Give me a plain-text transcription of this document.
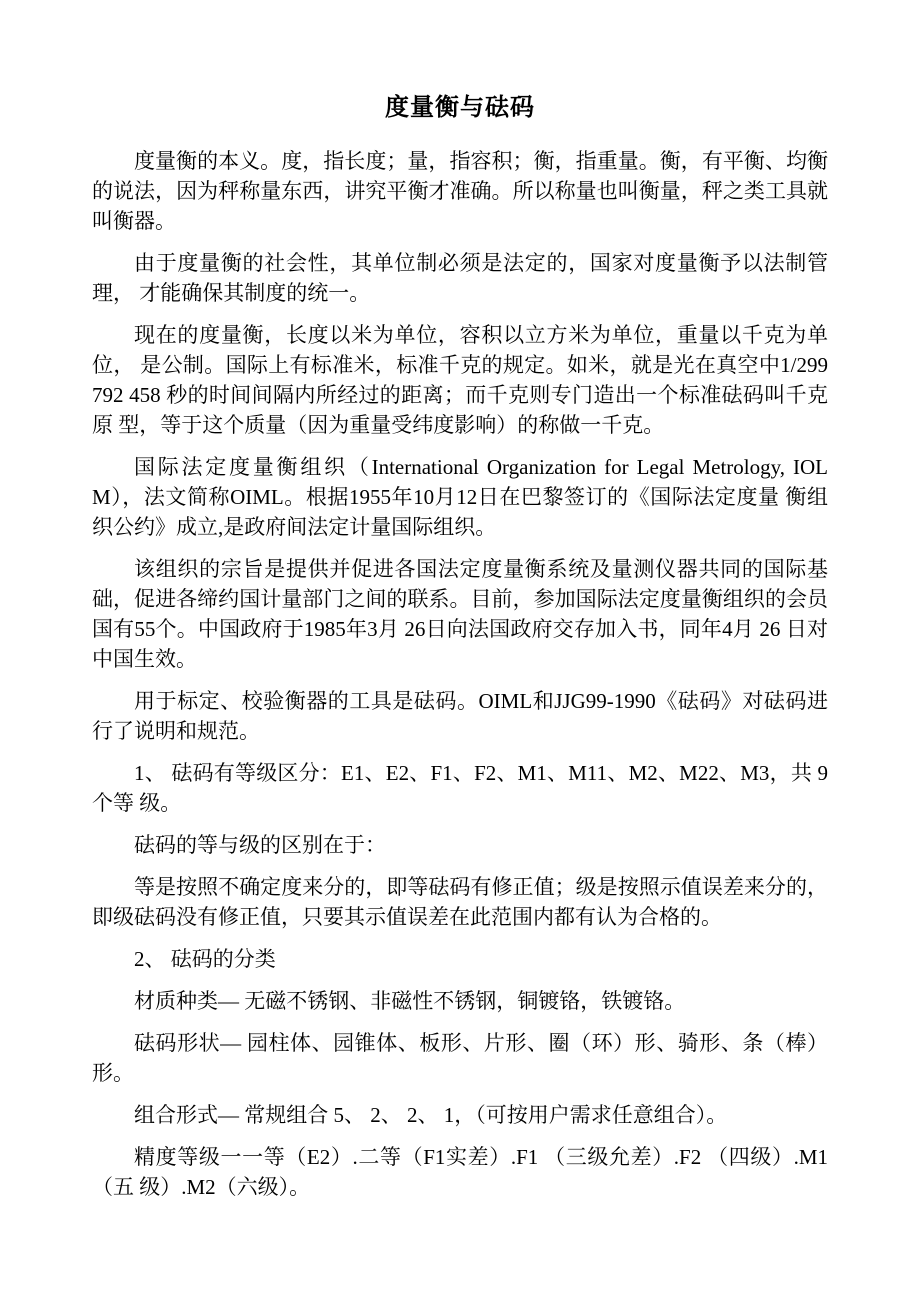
度量衡与砝码

度量衡的本义。度，指长度；量，指容积；衡，指重量。衡，有平衡、均衡的说法，因为秤称量东西，讲究平衡才准确。所以称量也叫衡量，秤之类工具就叫衡器。

由于度量衡的社会性，其单位制必须是法定的，国家对度量衡予以法制管理， 才能确保其制度的统一。

现在的度量衡，长度以米为单位，容积以立方米为单位，重量以千克为单位， 是公制。国际上有标准米，标准千克的规定。如米，就是光在真空中1/299 792 458 秒的时间间隔内所经过的距离；而千克则专门造出一个标准砝码叫千克原 型，等于这个质量（因为重量受纬度影响）的称做一千克。

国际法定度量衡组织（International Organization for Legal Metrology, IOLM），法文简称OIML。根据1955年10月12日在巴黎签订的《国际法定度量 衡组织公约》成立,是政府间法定计量国际组织。

该组织的宗旨是提供并促进各国法定度量衡系统及量测仪器共同的国际基础，促进各缔约国计量部门之间的联系。目前，参加国际法定度量衡组织的会员国有55个。中国政府于1985年3月 26日向法国政府交存加入书，同年4月 26 日对中国生效。

用于标定、校验衡器的工具是砝码。OIML和JJG99-1990《砝码》对砝码进行了说明和规范。

1、 砝码有等级区分：E1、E2、F1、F2、M1、M11、M2、M22、M3，共 9 个等 级。

砝码的等与级的区别在于：

等是按照不确定度来分的，即等砝码有修正值；级是按照示值误差来分的，即级砝码没有修正值，只要其示值误差在此范围内都有认为合格的。

2、 砝码的分类

材质种类— 无磁不锈钢、非磁性不锈钢，铜镀铬，铁镀铬。

砝码形状— 园柱体、园锥体、板形、片形、圈（环）形、骑形、条（棒）形。

组合形式— 常规组合 5、 2、 2、 1，（可按用户需求任意组合）。

精度等级一一等（E2）.二等（F1实差）.F1 （三级允差）.F2 （四级）.M1（五 级）.M2（六级）。
